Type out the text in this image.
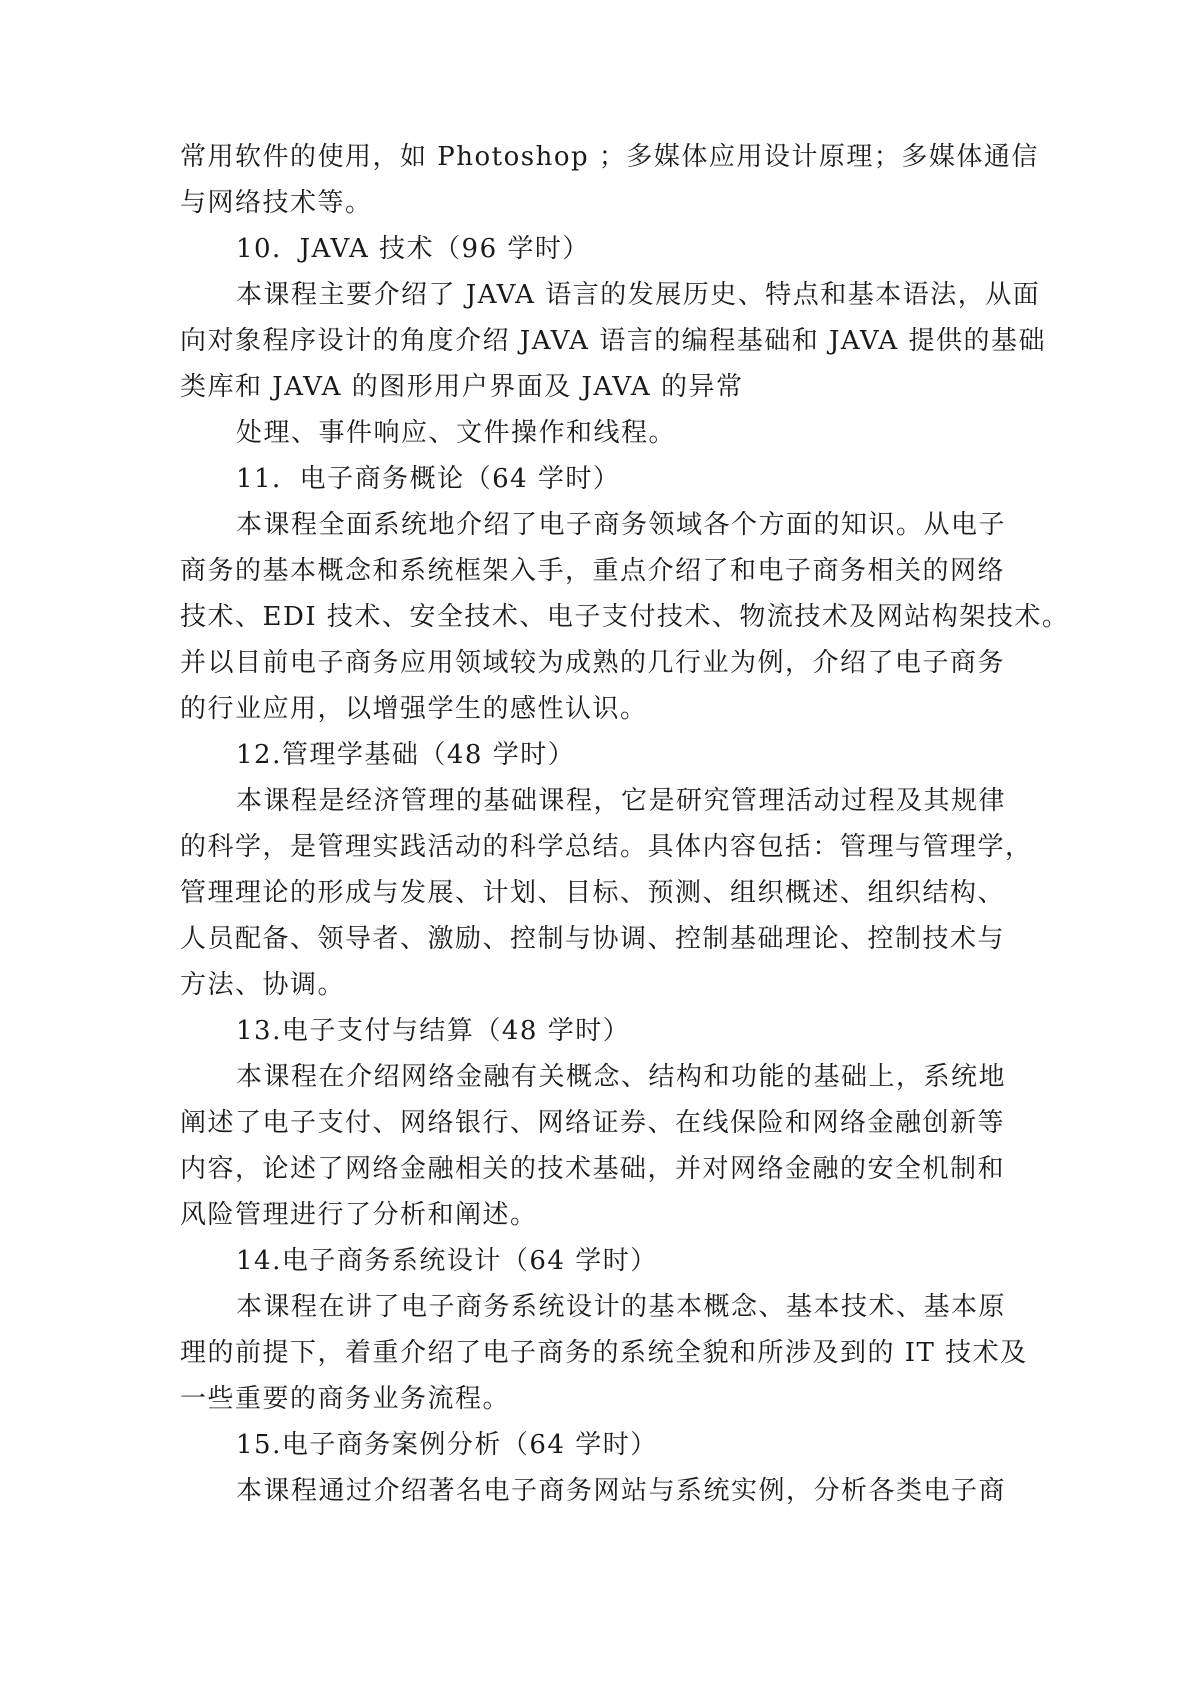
常用软件的使用，如 Photoshop ；多媒体应用设计原理；多媒体通信
与网络技术等。
10．JAVA 技术（96 学时）
本课程主要介绍了 JAVA 语言的发展历史、特点和基本语法，从面
向对象程序设计的角度介绍 JAVA 语言的编程基础和 JAVA 提供的基础
类库和 JAVA 的图形用户界面及 JAVA 的异常
处理、事件响应、文件操作和线程。
11．电子商务概论（64 学时）
本课程全面系统地介绍了电子商务领域各个方面的知识。从电子
商务的基本概念和系统框架入手，重点介绍了和电子商务相关的网络
技术、EDI 技术、安全技术、电子支付技术、物流技术及网站构架技术。
并以目前电子商务应用领域较为成熟的几行业为例，介绍了电子商务
的行业应用，以增强学生的感性认识。
12.管理学基础（48 学时）
本课程是经济管理的基础课程，它是研究管理活动过程及其规律
的科学，是管理实践活动的科学总结。具体内容包括：管理与管理学，
管理理论的形成与发展、计划、目标、预测、组织概述、组织结构、
人员配备、领导者、激励、控制与协调、控制基础理论、控制技术与
方法、协调。
13.电子支付与结算（48 学时）
本课程在介绍网络金融有关概念、结构和功能的基础上，系统地
阐述了电子支付、网络银行、网络证券、在线保险和网络金融创新等
内容，论述了网络金融相关的技术基础，并对网络金融的安全机制和
风险管理进行了分析和阐述。
14.电子商务系统设计（64 学时）
本课程在讲了电子商务系统设计的基本概念、基本技术、基本原
理的前提下，着重介绍了电子商务的系统全貌和所涉及到的 IT 技术及
一些重要的商务业务流程。
15.电子商务案例分析（64 学时）
本课程通过介绍著名电子商务网站与系统实例，分析各类电子商
